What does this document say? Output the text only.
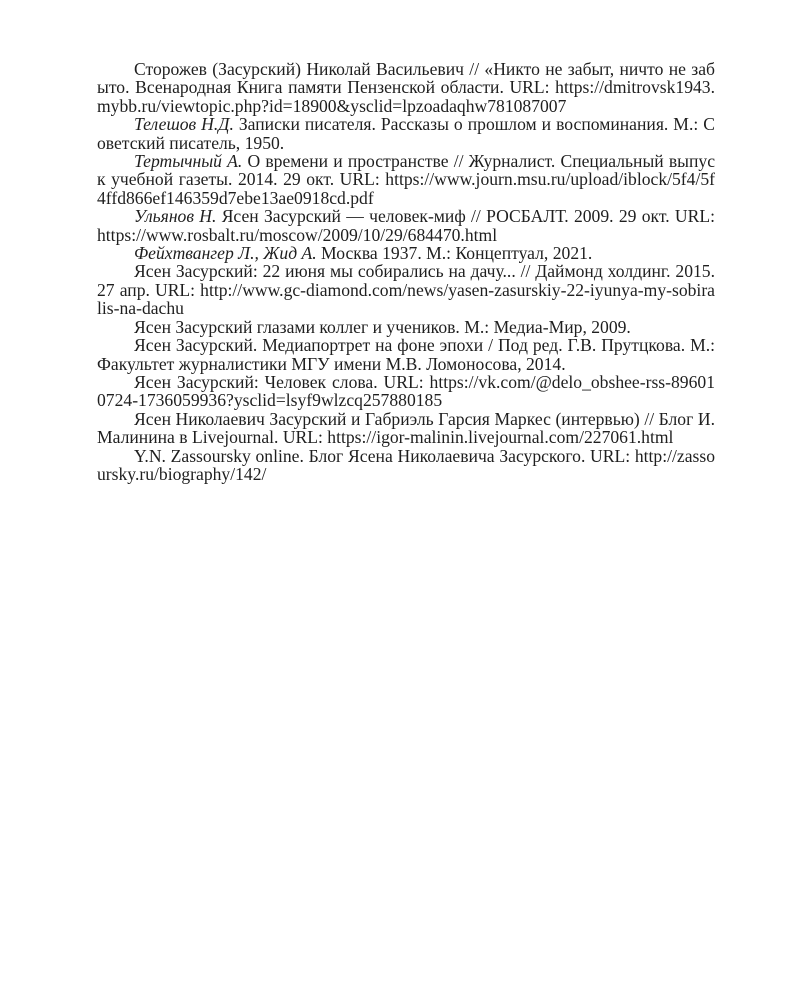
Сторожев (Засурский) Николай Васильевич // «Никто не забыт, ничто не забыто. Всенародная Книга памяти Пензенской области. URL: https://dmitrovsk1943.mybb.ru/viewtopic.php?id=18900&ysclid=lpzoadaqhw781087007

Телешов Н.Д. Записки писателя. Рассказы о прошлом и воспоминания. М.: Советский писатель, 1950.

Тертычный А. О времени и пространстве // Журналист. Специальный выпуск учебной газеты. 2014. 29 окт. URL: https://www.journ.msu.ru/upload/iblock/5f4/5f4ffd866ef146359d7ebe13ae0918cd.pdf

Ульянов Н. Ясен Засурский — человек-миф // РОСБАЛТ. 2009. 29 окт. URL: https://www.rosbalt.ru/moscow/2009/10/29/684470.html

Фейхтвангер Л., Жид А. Москва 1937. М.: Концептуал, 2021.

Ясен Засурский: 22 июня мы собирались на дачу... // Даймонд холдинг. 2015. 27 апр. URL: http://www.gc-diamond.com/news/yasen-zasurskiy-22-iyunya-my-sobiralis-na-dachu

Ясен Засурский глазами коллег и учеников. М.: Медиа-Мир, 2009.

Ясен Засурский. Медиапортрет на фоне эпохи / Под ред. Г.В. Прутцкова. М.: Факультет журналистики МГУ имени М.В. Ломоносова, 2014.

Ясен Засурский: Человек слова. URL: https://vk.com/@delo_obshee-rss-896010724-1736059936?ysclid=lsyf9wlzcq257880185

Ясен Николаевич Засурский и Габриэль Гарсия Маркес (интервью) // Блог И. Малинина в Livejournal. URL: https://igor-malinin.livejournal.com/227061.html

Y.N. Zassoursky online. Блог Ясена Николаевича Засурского. URL: http://zassoursky.ru/biography/142/
